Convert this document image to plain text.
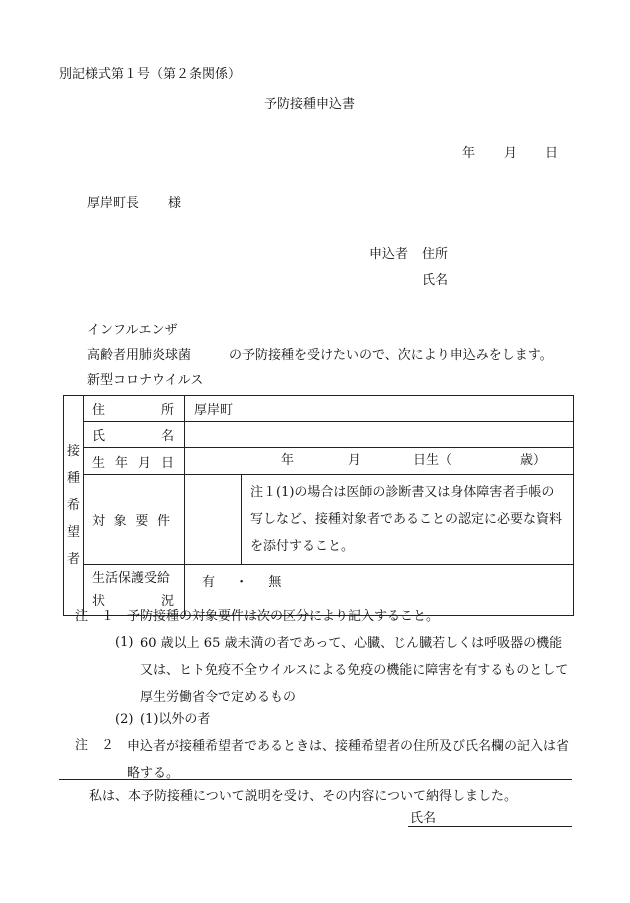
別記様式第１号（第２条関係）
予防接種申込書
年 月 日
厚岸町長 様
申込者 住所
氏名
インフルエンザ
高齢者用肺炎球菌	の予防接種を受けたいので、次により申込みをします。
新型コロナウイルス
接
種
希
望
者	住 所	厚岸町	

	氏 名		

	生 年 月 日	年 月 日生（ 歳）	

	対 象 要 件		注１(1)の場合は医師の診断書又は身体障害者手帳の写しなど、接種対象者であることの認定に必要な資料を添付すること。

	生活保護受給
状 況	有 ・ 無	
注　１ 予防接種の対象要件は次の区分により記入すること。
(1) 60 歳以上 65 歳未満の者であって、心臓、じん臓若しくは呼吸器の機能又は、ヒト免疫不全ウイルスによる免疫の機能に障害を有するものとして厚生労働省令で定めるもの
(2) (1)以外の者
注　２ 申込者が接種希望者であるときは、接種希望者の住所及び氏名欄の記入は省略する。
私は、本予防接種について説明を受け、その内容について納得しました。
氏名
